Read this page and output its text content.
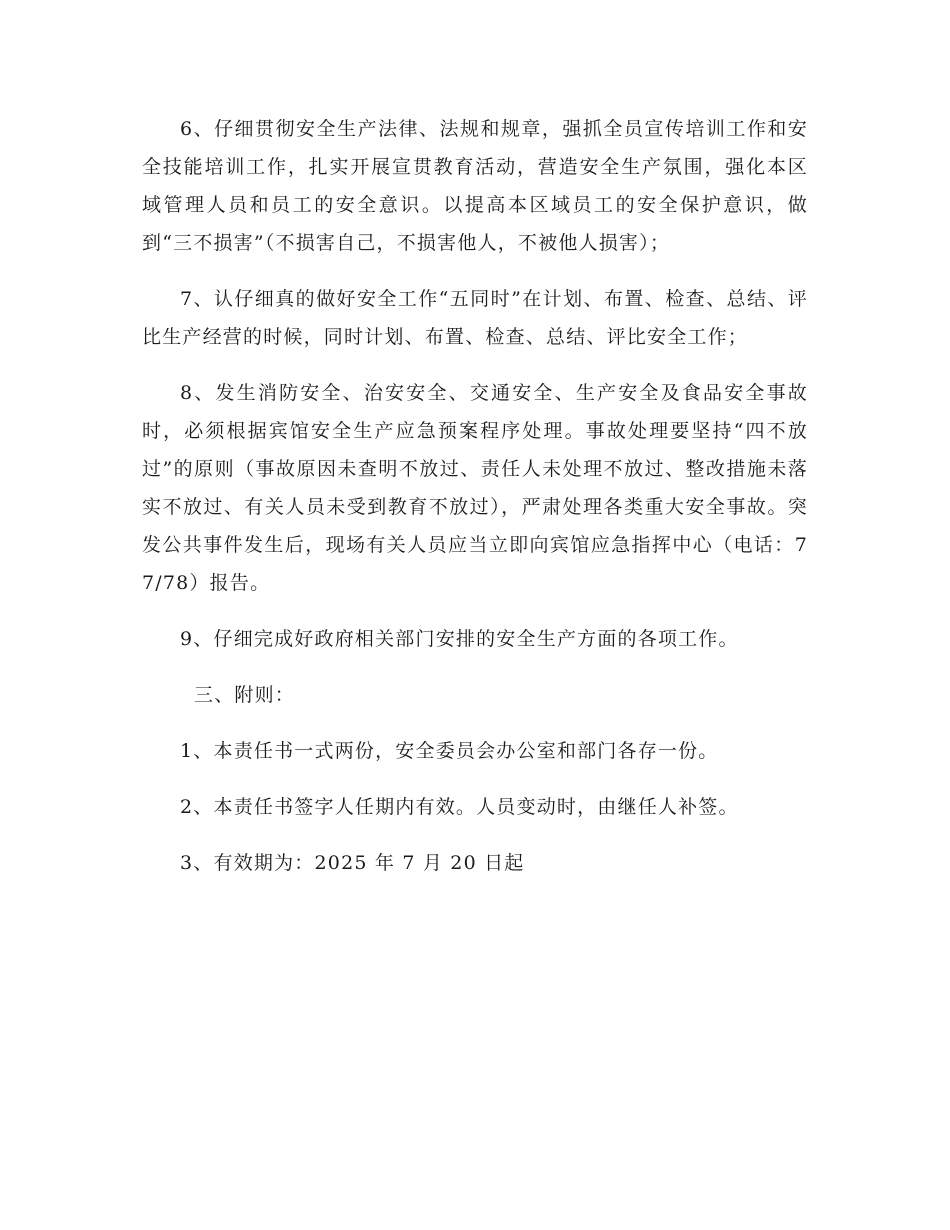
6、仔细贯彻安全生产法律、法规和规章，强抓全员宣传培训工作和安全技能培训工作，扎实开展宣贯教育活动，营造安全生产氛围，强化本区域管理人员和员工的安全意识。以提高本区域员工的安全保护意识，做到“三不损害”（不损害自己，不损害他人，不被他人损害）；

7、认仔细真的做好安全工作“五同时”在计划、布置、检查、总结、评比生产经营的时候，同时计划、布置、检查、总结、评比安全工作；

8、发生消防安全、治安安全、交通安全、生产安全及食品安全事故时，必须根据宾馆安全生产应急预案程序处理。事故处理要坚持“四不放过”的原则（事故原因未查明不放过、责任人未处理不放过、整改措施未落实不放过、有关人员未受到教育不放过），严肃处理各类重大安全事故。突发公共事件发生后，现场有关人员应当立即向宾馆应急指挥中心（电话：77/78）报告。

9、仔细完成好政府相关部门安排的安全生产方面的各项工作。

三、附则：

1、本责任书一式两份，安全委员会办公室和部门各存一份。

2、本责任书签字人任期内有效。人员变动时，由继任人补签。

3、有效期为：2025 年 7 月 20 日起
